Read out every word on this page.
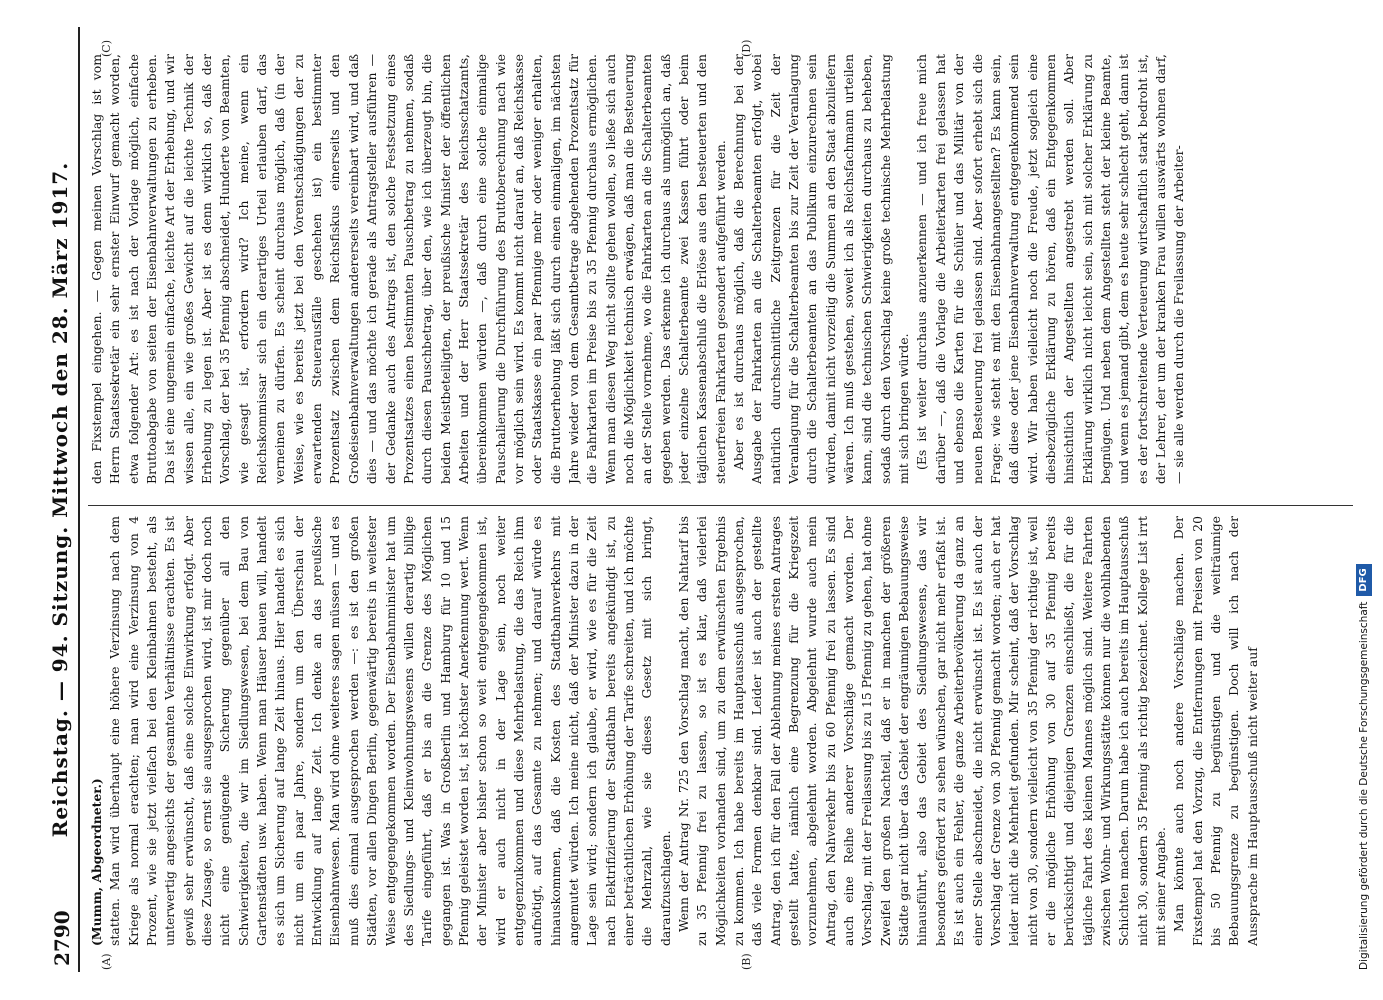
2790
Reichstag. — 94. Sitzung. Mittwoch den 28. März 1917.
(A)	(B)
(C)	(D)

(Mumm, Abgeordneter.) statten. Man wird überhaupt eine höhere Verzinsung nach dem Kriege als normal erachten; man wird eine Verzinsung von 4 Prozent, wie sie jetzt vielfach bei den Kleinbahnen besteht, als unterwertig angesichts der gesamten Verhältnisse erachten. Es ist gewiß sehr erwünscht, daß eine solche Einwirkung erfolgt. Aber diese Zusage, so ernst sie ausgesprochen wird, ist mir doch noch nicht eine genügende Sicherung gegenüber all den Schwierigkeiten, die wir im Siedlungswesen, bei dem Bau von Gartenstädten usw. haben. Wenn man Häuser bauen will, handelt es sich um Sicherung auf lange Zeit hinaus. Hier handelt es sich nicht um ein paar Jahre, sondern um den Überschau der Entwicklung auf lange Zeit. Ich denke an das preußische Eisenbahnwesen. Man wird ohne weiteres sagen müssen — und es muß dies einmal ausgesprochen werden —: es ist den großen Städten, vor allen Dingen Berlin, gegenwärtig bereits in weitester Weise entgegengekommen worden. Der Eisenbahnminister hat um des Siedlungs- und Kleinwohnungswesens willen derartig billige Tarife eingeführt, daß er bis an die Grenze des Möglichen gegangen ist. Was in Großberlin und Hamburg für 10 und 15 Pfennig geleistet worden ist, ist höchster Anerkennung wert. Wenn der Minister aber bisher schon so weit entgegengekommen ist, wird er auch nicht in der Lage sein, noch weiter entgegenzukommen und diese Mehrbelastung, die das Reich ihm aufnötigt, auf das Gesamte zu nehmen; und darauf würde es hinauskommen, daß die Kosten des Stadtbahnverkehrs mit angemutet würden. Ich meine nicht, daß der Minister dazu in der Lage sein wird; sondern ich glaube, er wird, wie es für die Zeit nach Elektrifizierung der Stadtbahn bereits angekündigt ist, zu einer beträchtlichen Erhöhung der Tarife schreiten, und ich möchte die Mehrzahl, wie sie dieses Gesetz mit sich bringt, daraufzuschlagen. Wenn der Antrag Nr. 725 den Vorschlag macht, den Nahtarif bis zu 35 Pfennig frei zu lassen, so ist es klar, daß vielerlei Möglichkeiten vorhanden sind, um zu dem erwünschten Ergebnis zu kommen. Ich habe bereits im Hauptausschuß ausgesprochen, daß viele Formen denkbar sind. Leider ist auch der gestellte Antrag, den ich für den Fall der Ablehnung meines ersten Antrages gestellt hatte, nämlich eine Begrenzung für die Kriegszeit vorzunehmen, abgelehnt worden. Abgelehnt wurde auch mein Antrag, den Nahverkehr bis zu 60 Pfennig frei zu lassen. Es sind auch eine Reihe anderer Vorschläge gemacht worden. Der Vorschlag, mit der Freilassung bis zu 15 Pfennig zu gehen, hat ohne Zweifel den großen Nachteil, daß er in manchen der größeren Städte gar nicht über das Gebiet der engräumigen Bebauungsweise hinausführt, also das Gebiet des Siedlungswesens, das wir besonders gefördert zu sehen wünschen, gar nicht mehr erfaßt ist. Es ist auch ein Fehler, die ganze Arbeiterbevölkerung da ganz an einer Stelle abschneidet, die nicht erwünscht ist. Es ist auch der Vorschlag der Grenze von 30 Pfennig gemacht worden; auch er hat leider nicht die Mehrheit gefunden. Mir scheint, daß der Vorschlag nicht von 30, sondern vielleicht von 35 Pfennig der richtige ist, weil er die mögliche Erhöhung von 30 auf 35 Pfennig bereits berücksichtigt und diejenigen Grenzen einschließt, die für die tägliche Fahrt des kleinen Mannes möglich sind. Weitere Fahrten zwischen Wohn- und Wirkungsstätte können nur die wohlhabenden Schichten machen. Darum habe ich auch bereits im Hauptausschuß nicht 30, sondern 35 Pfennig als richtig bezeichnet. Kollege List irrt mit seiner Angabe. Man könnte auch noch andere Vorschläge machen. Der Fixstempel hat den Vorzug, die Entfernungen mit Preisen von 20 bis 50 Pfennig zu begünstigen und die weiträumige Bebauungsgrenze zu begünstigen. Doch will ich nach der Aussprache im Hauptausschuß nicht weiter auf

den Fixstempel eingehen. — Gegen meinen Vorschlag ist vom Herrn Staatssekretär ein sehr ernster Einwurf gemacht worden, etwa folgender Art: es ist nach der Vorlage möglich, einfache Bruttoabgabe von seiten der Eisenbahnverwaltungen zu erheben. Das ist eine ungemein einfache, leichte Art der Erhebung, und wir wissen alle, ein wie großes Gewicht auf die leichte Technik der Erhebung zu legen ist. Aber ist es denn wirklich so, daß der Vorschlag, der bei 35 Pfennig abschneidet, Hunderte von Beamten, wie gesagt ist, erfordern wird? Ich meine, wenn ein Reichskommissar sich ein derartiges Urteil erlauben darf, das verneinen zu dürfen. Es scheint durchaus möglich, daß (in der Weise, wie es bereits jetzt bei den Vorentschädigungen der zu erwartenden Steuerausfälle geschehen ist) ein bestimmter Prozentsatz zwischen dem Reichsfiskus einerseits und den Großeisenbahnverwaltungen andererseits vereinbart wird, und daß dies — und das möchte ich gerade als Antragsteller ausführen — der Gedanke auch des Antrags ist, den solche Festsetzung eines Prozentsatzes einen bestimmten Pauschbetrag zu nehmen, sodaß durch diesen Pauschbetrag, über den, wie ich überzeugt bin, die beiden Meistbeteiligten, der preußische Minister der öffentlichen Arbeiten und der Herr Staatssekretär des Reichsschatzamts, übereinkommen würden —, daß durch eine solche einmalige Pauschalierung die Durchführung des Bruttoberechnung nach wie vor möglich sein wird. Es kommt nicht darauf an, daß Reichskasse oder Staatskasse ein paar Pfennige mehr oder weniger erhalten, die Bruttoerhebung läßt sich durch einen einmaligen, im nächsten Jahre wieder von dem Gesamtbetrage abgehenden Prozentsatz für die Fahrkarten im Preise bis zu 35 Pfennig durchaus ermöglichen. Wenn man diesen Weg nicht sollte gehen wollen, so ließe sich auch noch die Möglichkeit technisch erwägen, daß man die Besteuerung an der Stelle vornehme, wo die Fahrkarten an die Schalterbeamten gegeben werden. Das erkenne ich durchaus als unmöglich an, daß jeder einzelne Schalterbeamte zwei Kassen führt oder beim täglichen Kassenabschluß die Erlöse aus den besteuerten und den steuerfreien Fahrkarten gesondert aufgeführt werden. Aber es ist durchaus möglich, daß die Berechnung bei der Ausgabe der Fahrkarten an die Schalterbeamten erfolgt, wobei natürlich durchschnittliche Zeitgrenzen für die Zeit der Veranlagung für die Schalterbeamten bis zur Zeit der Veranlagung durch die Schalterbeamten an das Publikum einzurechnen sein würden, damit nicht vorzeitig die Summen an den Staat abzuliefern wären. Ich muß gestehen, soweit ich als Reichsfachmann urteilen kann, sind die technischen Schwierigkeiten durchaus zu beheben, sodaß durch den Vorschlag keine große technische Mehrbelastung mit sich bringen würde. (Es ist weiter durchaus anzuerkennen — und ich freue mich darüber —, daß die Vorlage die Arbeiterkarten frei gelassen hat und ebenso die Karten für die Schüler und das Militär von der neuen Besteuerung frei gelassen sind. Aber sofort erhebt sich die Frage: wie steht es mit den Eisenbahnangestellten? Es kann sein, daß diese oder jene Eisenbahnverwaltung entgegenkommend sein wird. Wir haben vielleicht noch die Freude, jetzt sogleich eine diesbezügliche Erklärung zu hören, daß ein Entgegenkommen hinsichtlich der Angestellten angestrebt werden soll. Aber Erklärung wirklich nicht leicht sein, sich mit solcher Erklärung zu begnügen. Und neben dem Angestellten steht der kleine Beamte, und wenn es jemand gibt, dem es heute sehr schlecht geht, dann ist es der fortschreitende Verteuerung wirtschaftlich stark bedroht ist, der Lehrer, der um der kranken Frau willen auswärts wohnen darf, — sie alle werden durch die Freilassung der Arbeiter-

Digitalisierung gefördert durch die Deutsche Forschungsgemeinschaft
DFG
